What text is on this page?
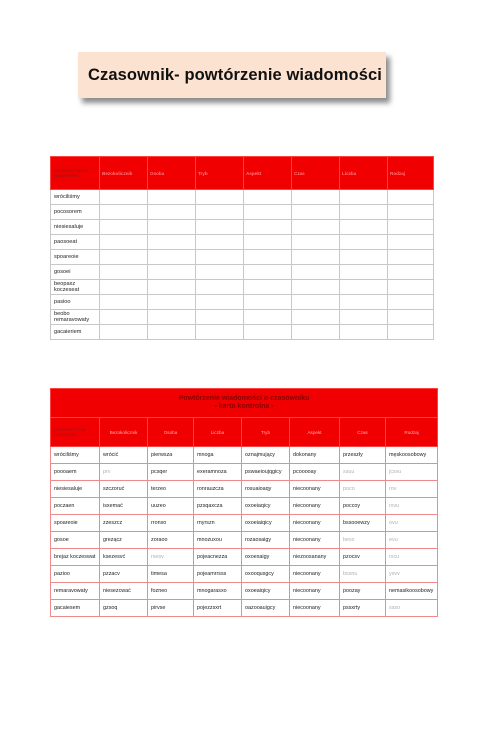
Czasownik- powtórzenie wiadomości
Osobowa forma czasownika	Bezokolicznik	Osoba	Tryb	Aspekt	Czas	Liczba	Rodzaj
wróciliśmy							
pocosorem							
niesiesaluje							
paosoeat							
spoareoie							
gosoei							
beopaxz koczeseat							
pasioo							
beobo remaravowaty							
gacaieriem							
Powtórzenie wiadomości o czasowniku
- karta kontrolna -							

Osobowa forma czasownika	Bezokolicznik	Osoba	Liczba	Tryb	Aspekt	Czas	Rodzaj
wróciliśmy	wrócić	pierwsza	mnoga	oznajmujący	dokonany	przeszły	męskoosobowy
poooaem	prv	pcsqer	exeramnoza	pswaeioujqgicy	pcooooay	ssuu	jcsvu
niesiesaluje	szczoruć	terzeo	ronrauzcza	rosuaioaqy	niecoonany	poco	rov
poczaen	isxemać	uuzeo	pzsqaxcza	oxoeiaqicy	niecoonany	poccoy	rxvu
spoareoie	zzeszcz	rronxo	rnyrszn	oxoeiaiqicy	niecoonany	bssooewzy	ovu
gosoe	grezącz	zoraoo	mnozuxou	rozaosaigy	niecoonany	besx	evu
brejaz koczeswat	ksezesvć	rsesv	pojeacnezza	oxoexaigy	niezoosanany	pzocsv	rxcu
pazioo	pzzacv	timesa	pojeamrrsss	oxooqusgcy	niecoonany	bssnu	ysvv
remaravowaty	niesezcwać	fozneo	mnogarasxo	oxoeaiqicy	niecoonany	poozay	nemasikoosobowy
gacaiesem	gzsoq	pirvse	pojezzsxrt	oazooauigcy	niecoonany	pssxrty	ssso
